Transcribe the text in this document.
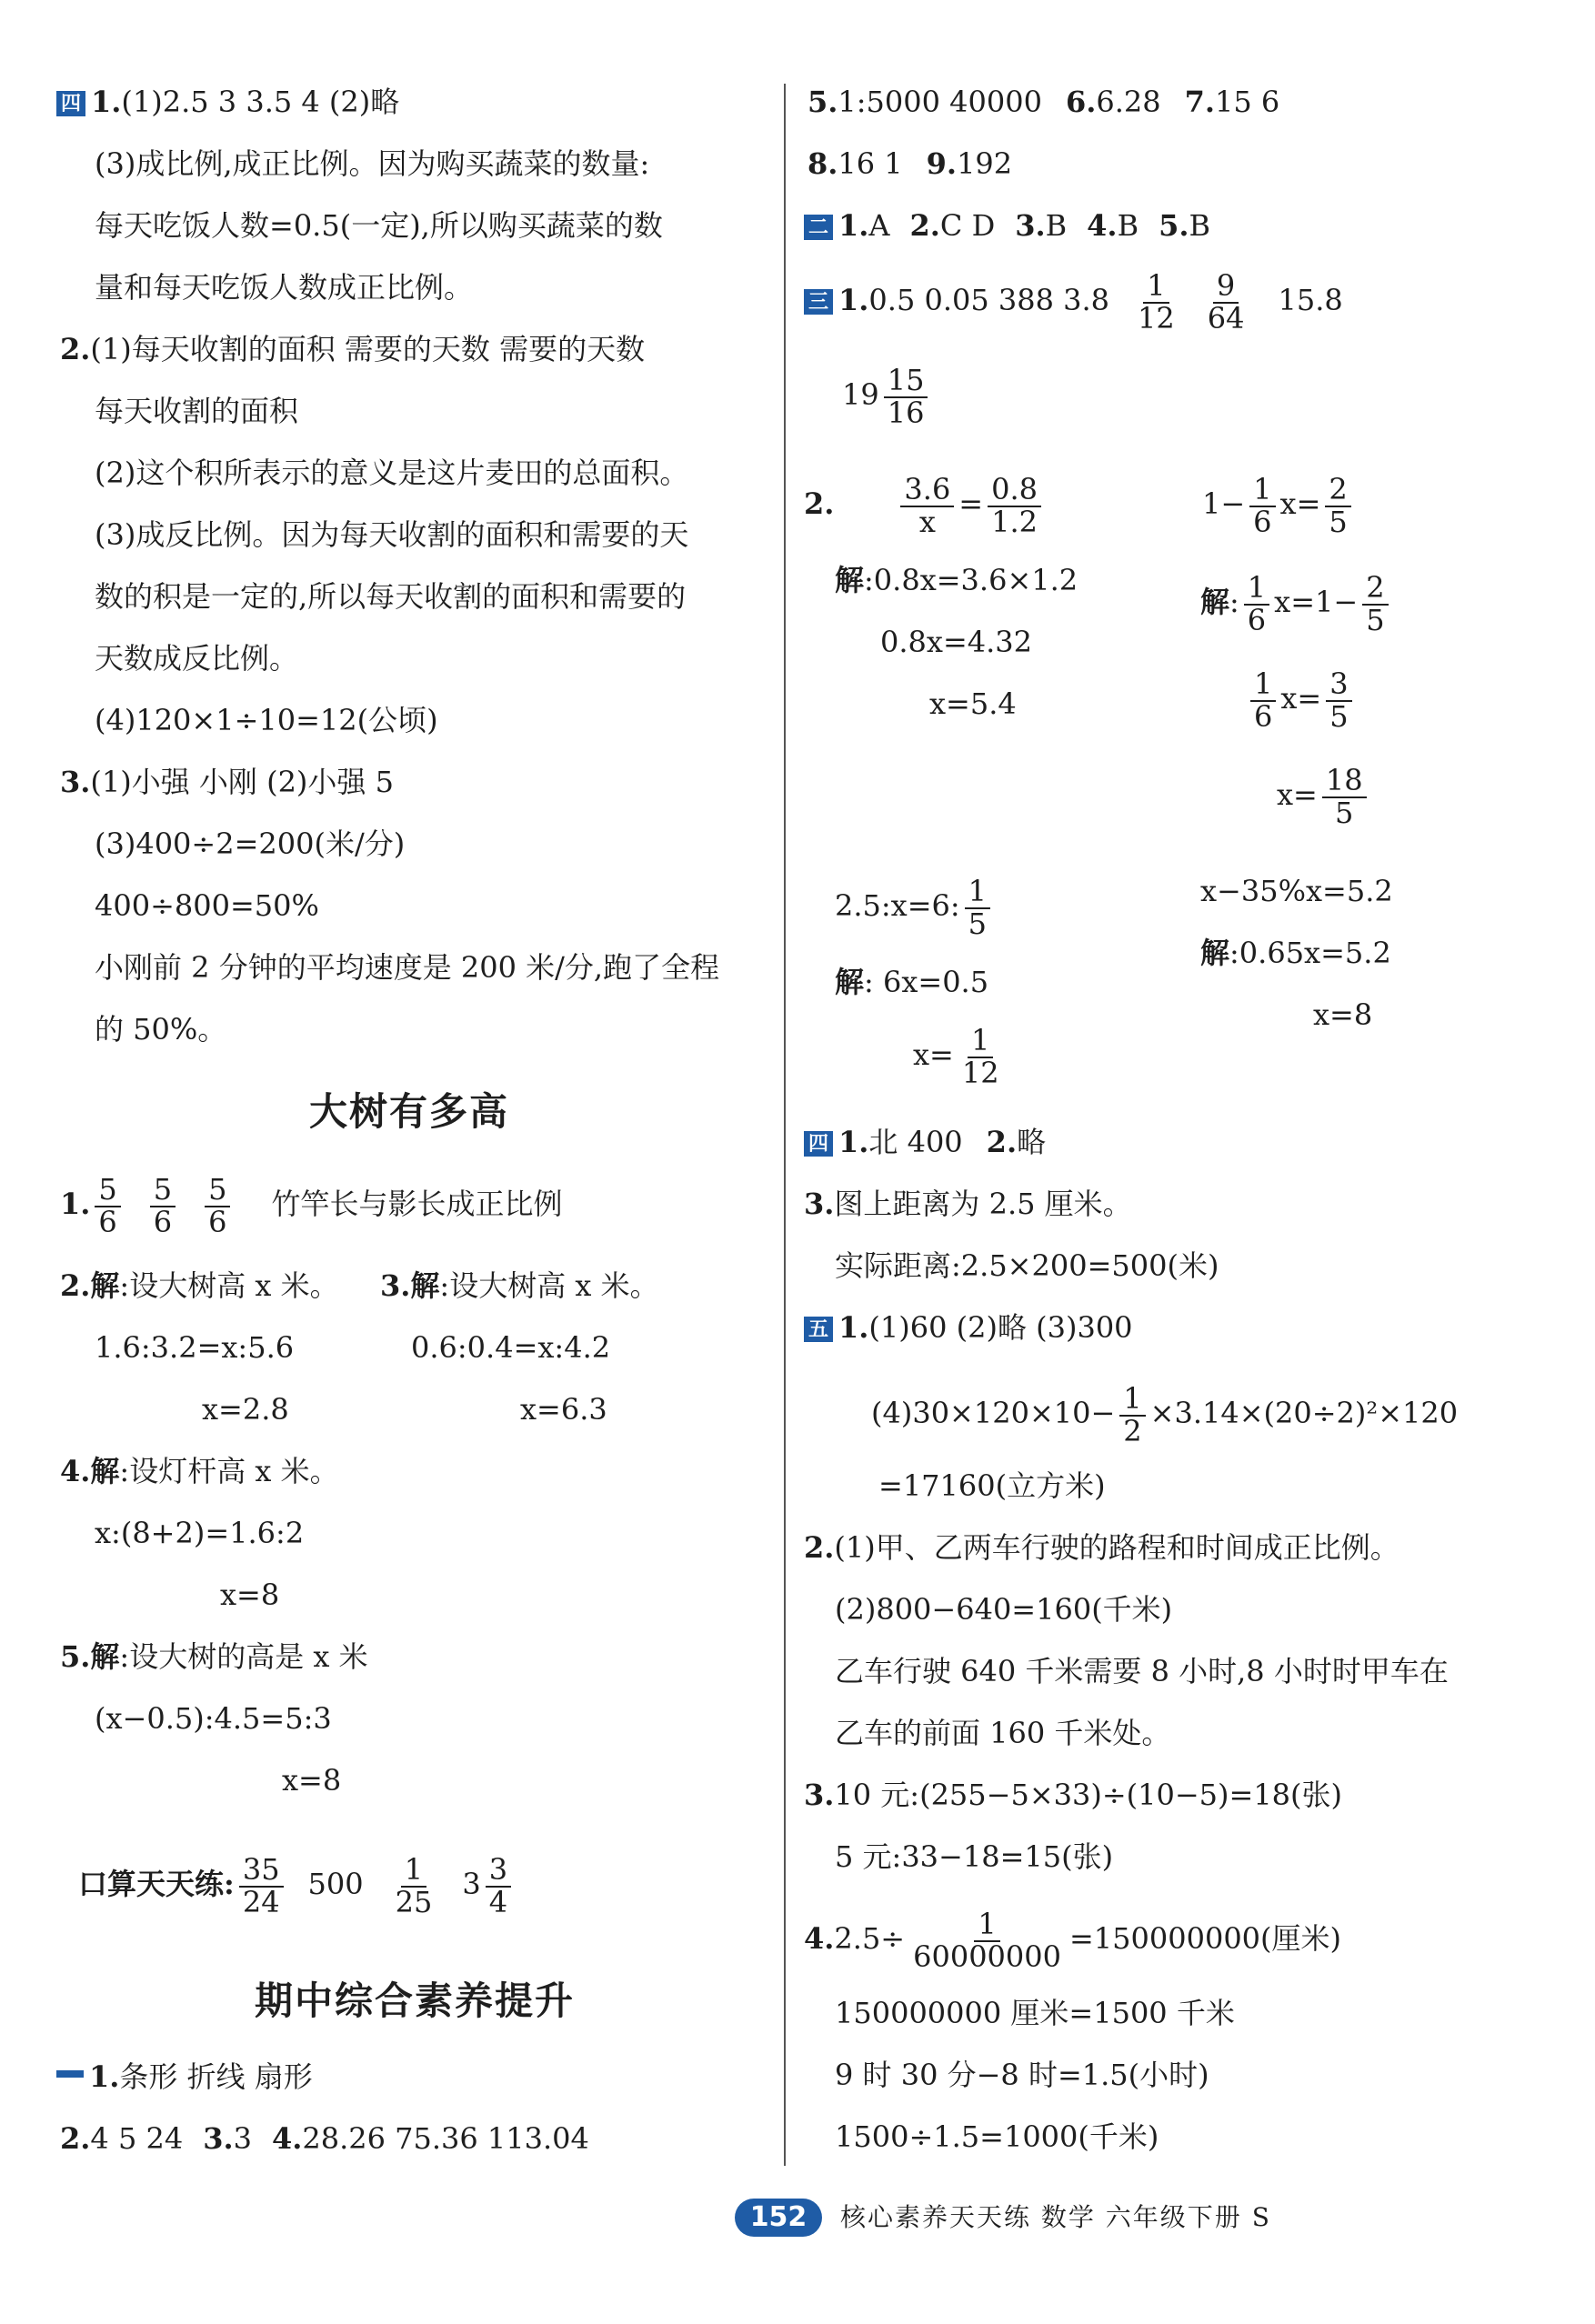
四 1.(1)2.5 3 3.5 4 (2)略
(3)成比例,成正比例。因为购买蔬菜的数量:
每天吃饭人数=0.5(一定),所以购买蔬菜的数
量和每天吃饭人数成正比例。
2.(1)每天收割的面积 需要的天数 需要的天数
每天收割的面积
(2)这个积所表示的意义是这片麦田的总面积。
(3)成反比例。因为每天收割的面积和需要的天
数的积是一定的,所以每天收割的面积和需要的
天数成反比例。
(4)120×1÷10=12(公顷)
3.(1)小强 小刚 (2)小强 5
(3)400÷2=200(米/分)
400÷800=50%
小刚前 2 分钟的平均速度是 200 米/分,跑了全程
的 50%。
大树有多高
1. $\frac{5}{6} \frac{5}{6} \frac{5}{6}$ 竹竿长与影长成正比例
2.解:设大树高 x 米。 3.解:设大树高 x 米。
1.6:3.2=x:5.6	0.6:0.4=x:4.2
x=2.8	x=6.3
4.解:设灯杆高 x 米。
x:(8+2)=1.6:2
x=8
5.解:设大树的高是 x 米
(x−0.5):4.5=5:3
x=8
口算天天练: $\frac{35}{24} 500 \frac{1}{25} 3 \frac{3}{4}$
期中综合素养提升
1.条形 折线 扇形
2.4 5 24 3.3 4.28.26 75.36 113.04
5.1:5000 40000 6.6.28 7.15 6
8.16 1 9.192
二 1.A 2.C D 3.B 4.B 5.B
三 1.0.5 0.05 388 $3.8 \frac{1}{12} \frac{9}{64} 15.8$
$19 \frac{15}{16}$
2. $\frac{3.6}{x} = \frac{0.8}{1.2}$	$1- \frac{1}{6} x= \frac{2}{5}$
解:0.8x=3.6×1.2
0.8x=4.32
x=5.4
解: $\frac{1}{6} x=1- \frac{2}{5}$
$\frac{1}{6} x= \frac{3}{5}$
$x= \frac{18}{5}$
2.5:x=6: $\frac{1}{5}$
解: 6x=0.5
$x= \frac{1}{12}$
x−35%x=5.2
解:0.65x=5.2
x=8
四 1.北 400 2.略
3.图上距离为 2.5 厘米。
实际距离:2.5×200=500(米)
五 1.(1)60 (2)略 (3)300
$(4)30\times 120\times 10- \frac{1}{2} \times 3.14\times(20\div 2)^2\times 120$
=17160(立方米)
2.(1)甲、乙两车行驶的路程和时间成正比例。
(2)800−640=160(千米)
乙车行驶 640 千米需要 8 小时,8 小时时甲车在
乙车的前面 160 千米处。
3.10 元:(255−5×33)÷(10−5)=18(张)
5 元:33−18=15(张)
$4.2.5\div \frac{1}{60000000} =150000000$(厘米)
150000000 厘米=1500 千米
9 时 30 分−8 时=1.5(小时)
1500÷1.5=1000(千米)
152	核心素养天天练 数学 六年级下册 S
